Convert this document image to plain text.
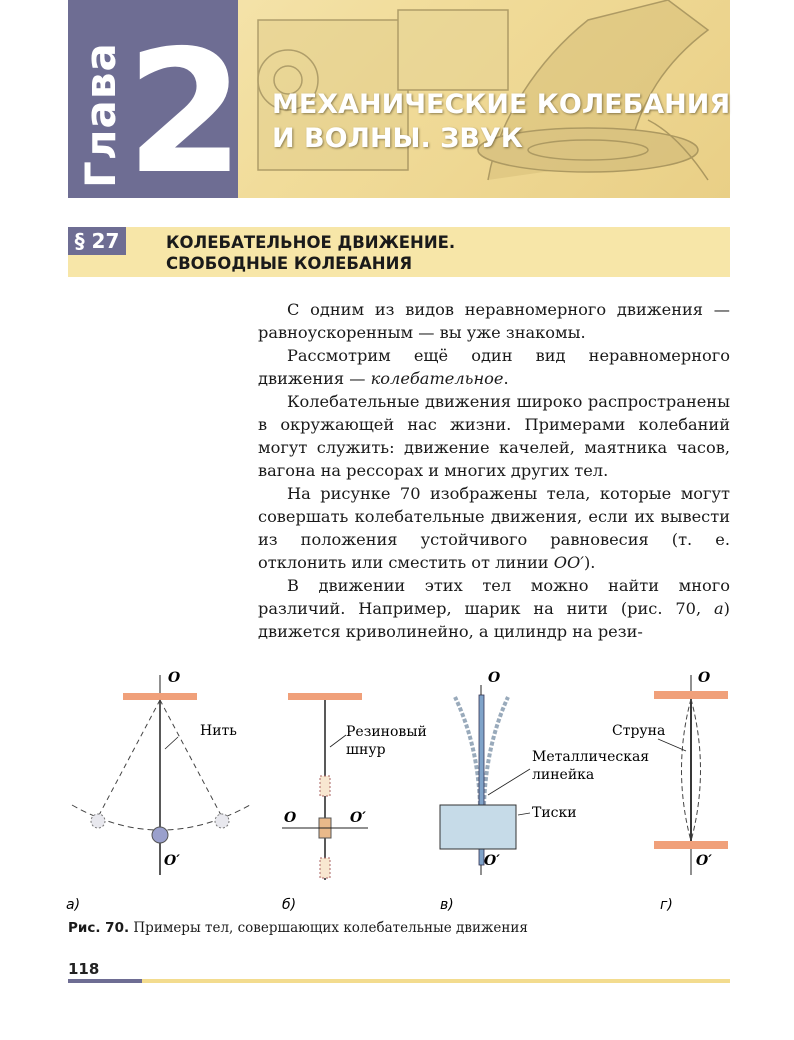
Глава 2 МЕХАНИЧЕСКИЕ КОЛЕБАНИЯ
И ВОЛНЫ. ЗВУК
§ 27	КОЛЕБАТЕЛЬНОЕ ДВИЖЕНИЕ.
СВОБОДНЫЕ КОЛЕБАНИЯ

С одним из видов неравномерного движения — равноускоренным — вы уже знакомы.

Рассмотрим ещё один вид неравномерного движения — колебательное.

Колебательные движения широко распространены в окружающей нас жизни. Примерами колебаний могут служить: движение качелей, маятника часов, вагона на рессорах и многих других тел.

На рисунке 70 изображены тела, которые могут совершать колебательные движения, если их вывести из положения устойчивого равновесия (т. е. отклонить или сместить от линии OO′).

В движении этих тел можно найти много различий. Например, шарик на нити (рис. 70, а) движется криволинейно, а цилиндр на рези-

O
O′
Нить
а)
Резиновый
шнур
O	O′
б)
O
O′
Металлическая
линейка
Тиски
в)
O
O′
Струна
г)
Рис. 70. Примеры тел, совершающих колебательные движения
118
